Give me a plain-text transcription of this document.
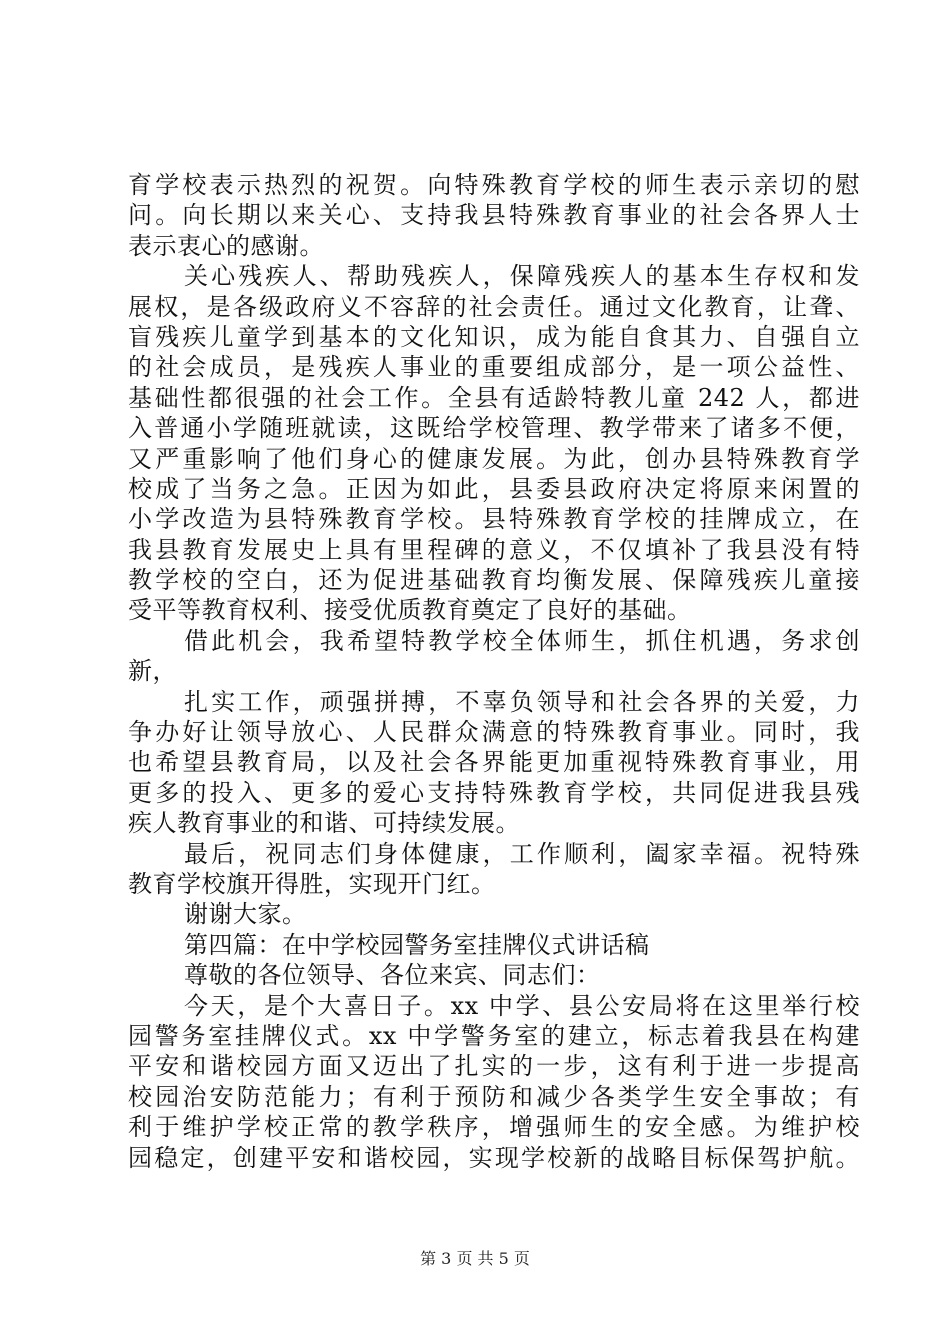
育学校表示热烈的祝贺。向特殊教育学校的师生表示亲切的慰
问。向长期以来关心、支持我县特殊教育事业的社会各界人士
表示衷心的感谢。
关心残疾人、帮助残疾人，保障残疾人的基本生存权和发
展权，是各级政府义不容辞的社会责任。通过文化教育，让聋、
盲残疾儿童学到基本的文化知识，成为能自食其力、自强自立
的社会成员，是残疾人事业的重要组成部分，是一项公益性、
基础性都很强的社会工作。全县有适龄特教儿童 242 人，都进
入普通小学随班就读，这既给学校管理、教学带来了诸多不便，
又严重影响了他们身心的健康发展。为此，创办县特殊教育学
校成了当务之急。正因为如此，县委县政府决定将原来闲置的
小学改造为县特殊教育学校。县特殊教育学校的挂牌成立，在
我县教育发展史上具有里程碑的意义，不仅填补了我县没有特
教学校的空白，还为促进基础教育均衡发展、保障残疾儿童接
受平等教育权利、接受优质教育奠定了良好的基础。
借此机会，我希望特教学校全体师生，抓住机遇，务求创
新，
扎实工作，顽强拼搏，不辜负领导和社会各界的关爱，力
争办好让领导放心、人民群众满意的特殊教育事业。同时，我
也希望县教育局，以及社会各界能更加重视特殊教育事业，用
更多的投入、更多的爱心支持特殊教育学校，共同促进我县残
疾人教育事业的和谐、可持续发展。
最后，祝同志们身体健康，工作顺利，阖家幸福。祝特殊
教育学校旗开得胜，实现开门红。
谢谢大家。
第四篇：在中学校园警务室挂牌仪式讲话稿
尊敬的各位领导、各位来宾、同志们：
今天，是个大喜日子。xx 中学、县公安局将在这里举行校
园警务室挂牌仪式。xx 中学警务室的建立，标志着我县在构建
平安和谐校园方面又迈出了扎实的一步，这有利于进一步提高
校园治安防范能力；有利于预防和减少各类学生安全事故；有
利于维护学校正常的教学秩序，增强师生的安全感。为维护校
园稳定，创建平安和谐校园，实现学校新的战略目标保驾护航。
第 3 页 共 5 页
